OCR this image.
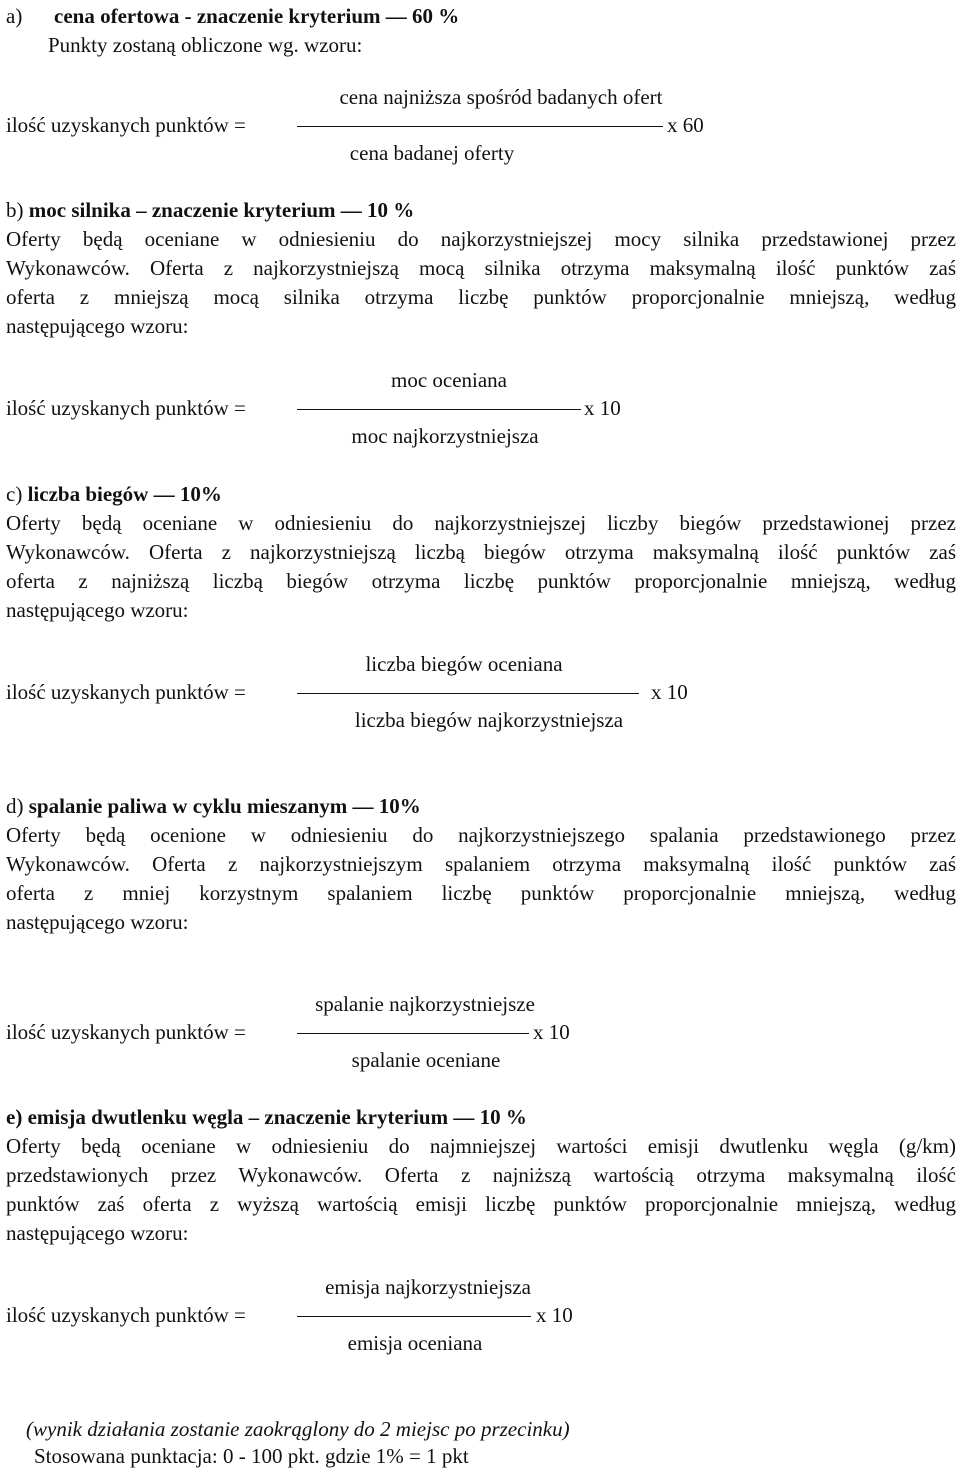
a) cena ofertowa - znaczenie kryterium — 60 %
Punkty zostaną obliczone wg. wzoru:
ilość uzyskanych punktów =
cena najniższa spośród badanych ofert
cena badanej oferty
x 60
b) moc silnika – znaczenie kryterium — 10 %
Oferty będą oceniane w odniesieniu do najkorzystniejszej mocy silnika przedstawionej przez
Wykonawców. Oferta z najkorzystniejszą mocą silnika otrzyma maksymalną ilość punktów zaś
oferta z mniejszą mocą silnika otrzyma liczbę punktów proporcjonalnie mniejszą, według
następującego wzoru:
ilość uzyskanych punktów =
moc oceniana
moc najkorzystniejsza
x 10
c) liczba biegów — 10%
Oferty będą oceniane w odniesieniu do najkorzystniejszej liczby biegów przedstawionej przez
Wykonawców. Oferta z najkorzystniejszą liczbą biegów otrzyma maksymalną ilość punktów zaś
oferta z najniższą liczbą biegów otrzyma liczbę punktów proporcjonalnie mniejszą, według
następującego wzoru:
ilość uzyskanych punktów =
liczba biegów oceniana
liczba biegów najkorzystniejsza
x 10
d) spalanie paliwa w cyklu mieszanym — 10%
Oferty będą ocenione w odniesieniu do najkorzystniejszego spalania przedstawionego przez
Wykonawców. Oferta z najkorzystniejszym spalaniem otrzyma maksymalną ilość punktów zaś
oferta z mniej korzystnym spalaniem liczbę punktów proporcjonalnie mniejszą, według
następującego wzoru:
ilość uzyskanych punktów =
spalanie najkorzystniejsze
spalanie oceniane
x 10
e) emisja dwutlenku węgla – znaczenie kryterium — 10 %
Oferty będą oceniane w odniesieniu do najmniejszej wartości emisji dwutlenku węgla (g/km)
przedstawionych przez Wykonawców. Oferta z najniższą wartością otrzyma maksymalną ilość
punktów zaś oferta z wyższą wartością emisji liczbę punktów proporcjonalnie mniejszą, według
następującego wzoru:
ilość uzyskanych punktów =
emisja najkorzystniejsza
emisja oceniana
x 10
(wynik działania zostanie zaokrąglony do 2 miejsc po przecinku)
Stosowana punktacja: 0 - 100 pkt. gdzie 1% = 1 pkt
